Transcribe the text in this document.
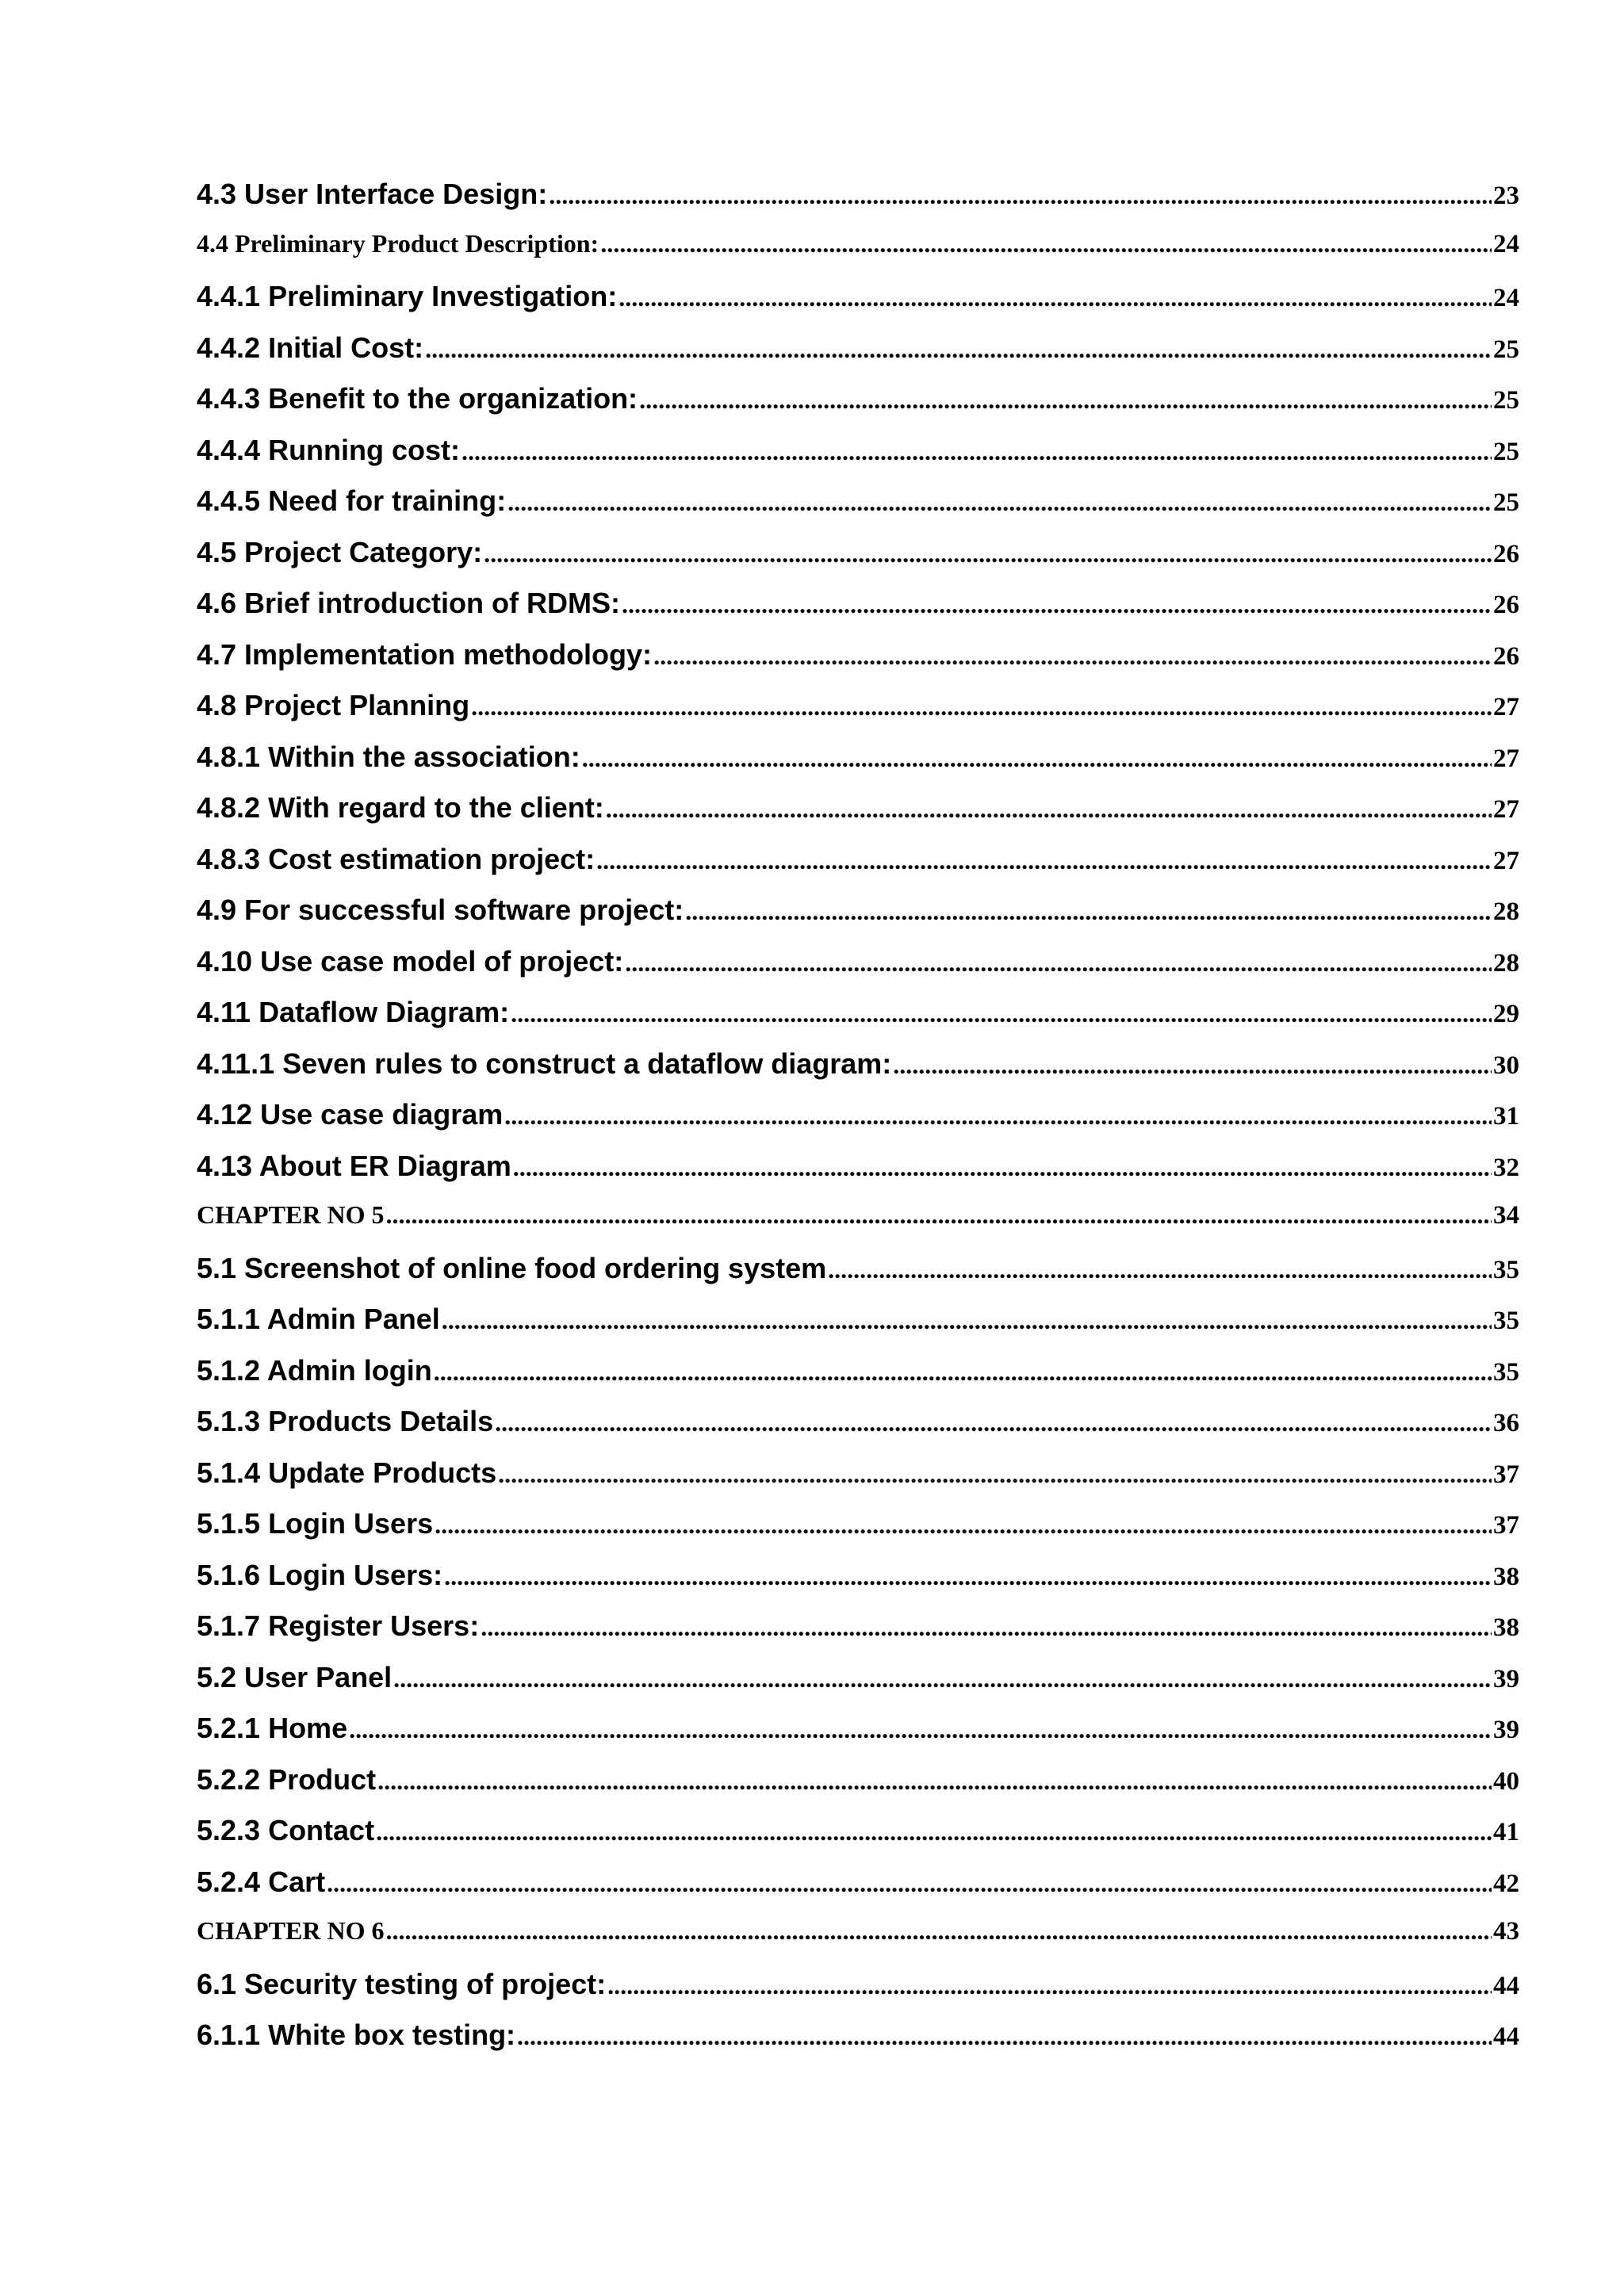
4.3 User Interface Design: .....	23
4.4 Preliminary Product Description: .....	24
4.4.1 Preliminary Investigation: .....	24
4.4.2 Initial Cost: .....	25
4.4.3 Benefit to the organization: .....	25
4.4.4 Running cost: .....	25
4.4.5 Need for training: .....	25
4.5 Project Category: .....	26
4.6 Brief introduction of RDMS: .....	26
4.7 Implementation methodology: .....	26
4.8 Project Planning .....	27
4.8.1 Within the association: .....	27
4.8.2 With regard to the client: .....	27
4.8.3 Cost estimation project: .....	27
4.9 For successful software project: .....	28
4.10 Use case model of project: .....	28
4.11 Dataflow Diagram: .....	29
4.11.1 Seven rules to construct a dataflow diagram: .....	30
4.12 Use case diagram .....	31
4.13 About ER Diagram .....	32
CHAPTER NO 5 .....	34
5.1 Screenshot of online food ordering system .....	35
5.1.1 Admin Panel .....	35
5.1.2 Admin login .....	35
5.1.3 Products Details .....	36
5.1.4 Update Products .....	37
5.1.5 Login Users .....	37
5.1.6 Login Users: .....	38
5.1.7 Register Users: .....	38
5.2 User Panel .....	39
5.2.1 Home .....	39
5.2.2 Product .....	40
5.2.3 Contact .....	41
5.2.4 Cart .....	42
CHAPTER NO 6 .....	43
6.1 Security testing of project: .....	44
6.1.1 White box testing: .....	44
